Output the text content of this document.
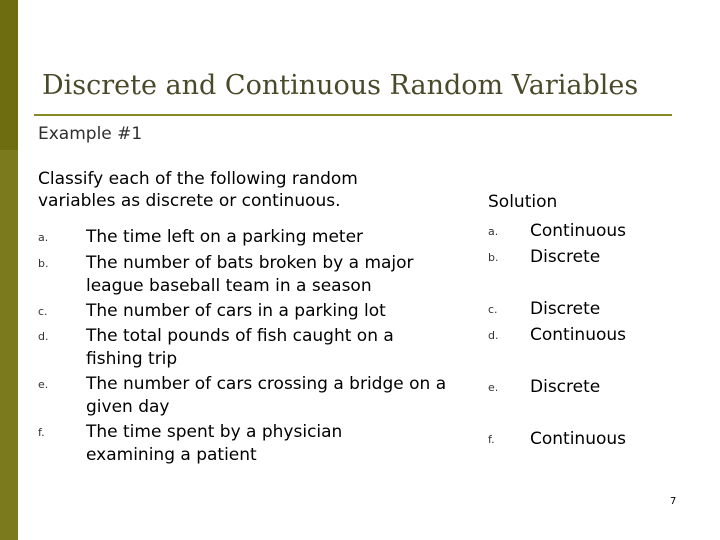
Discrete and Continuous Random Variables
Example #1
Classify each of the following random variables as discrete or continuous.	Solution
a. The time left on a parking meter
b. The number of bats broken by a major league baseball team in a season
c. The number of cars in a parking lot
d. The total pounds of fish caught on a fishing trip
e. The number of cars crossing a bridge on a given day
f. The time spent by a physician examining a patient
a. Continuous
b. Discrete
c. Discrete
d. Continuous
e. Discrete
f. Continuous
7
